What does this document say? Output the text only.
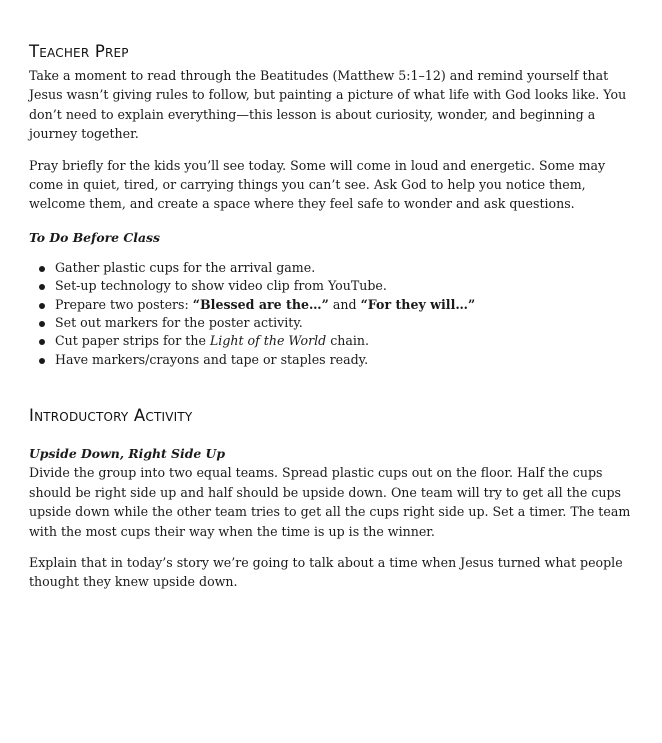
Teacher Prep

Take a moment to read through the Beatitudes (Matthew 5:1–12) and remind yourself that Jesus wasn’t giving rules to follow, but painting a picture of what life with God looks like. You don’t need to explain everything—this lesson is about curiosity, wonder, and beginning a journey together.

Pray briefly for the kids you’ll see today. Some will come in loud and energetic. Some may come in quiet, tired, or carrying things you can’t see. Ask God to help you notice them, welcome them, and create a space where they feel safe to wonder and ask questions.

To Do Before Class
Gather plastic cups for the arrival game.
Set-up technology to show video clip from YouTube.
Prepare two posters: “Blessed are the…” and “For they will…”
Set out markers for the poster activity.
Cut paper strips for the Light of the World chain.
Have markers/crayons and tape or staples ready.
Introductory Activity
Upside Down, Right Side Up

Divide the group into two equal teams. Spread plastic cups out on the floor. Half the cups should be right side up and half should be upside down. One team will try to get all the cups upside down while the other team tries to get all the cups right side up. Set a timer. The team with the most cups their way when the time is up is the winner.

Explain that in today’s story we’re going to talk about a time when Jesus turned what people thought they knew upside down.
